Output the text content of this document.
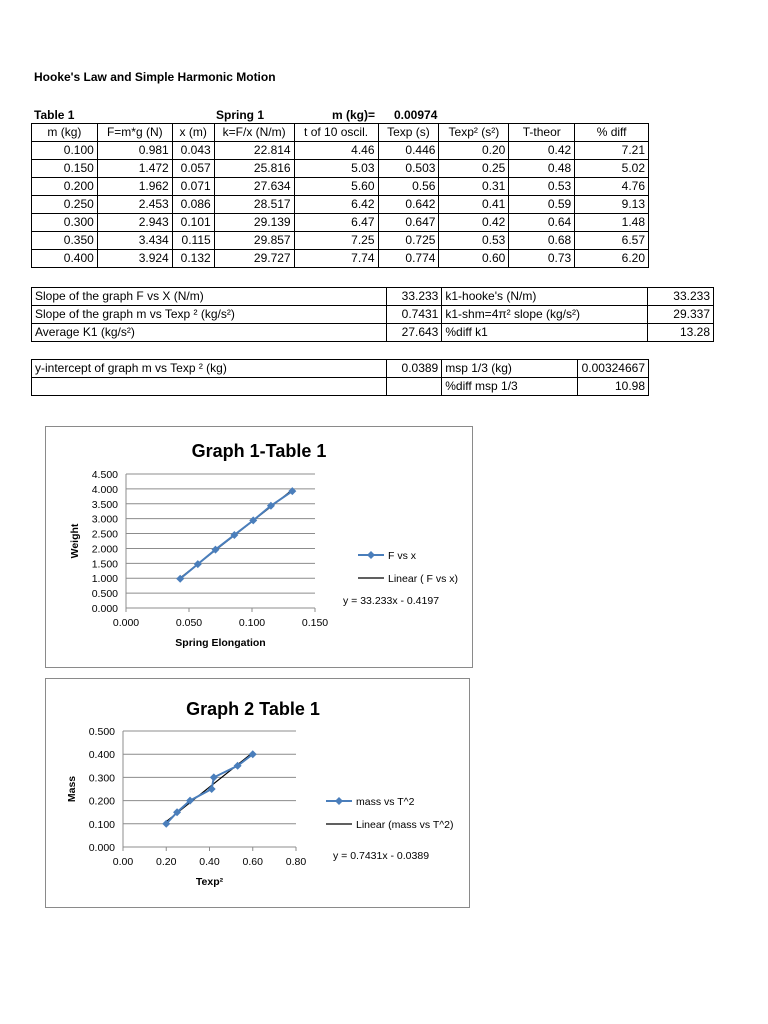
Hooke's Law and Simple Harmonic Motion
Table 1	Spring 1	m (kg)= 0.00974
m (kg)	F=m*g (N)	x (m)	k=F/x (N/m)	t of 10 oscil.	Texp (s)	Texp² (s²)	T-theor	% diff
0.100	0.981	0.043	22.814	4.46	0.446	0.20	0.42	7.21
0.150	1.472	0.057	25.816	5.03	0.503	0.25	0.48	5.02
0.200	1.962	0.071	27.634	5.60	0.56	0.31	0.53	4.76
0.250	2.453	0.086	28.517	6.42	0.642	0.41	0.59	9.13
0.300	2.943	0.101	29.139	6.47	0.647	0.42	0.64	1.48
0.350	3.434	0.115	29.857	7.25	0.725	0.53	0.68	6.57
0.400	3.924	0.132	29.727	7.74	0.774	0.60	0.73	6.20
Slope of the graph F vs X (N/m)	33.233	k1-hooke's (N/m)	33.233
Slope of the graph m vs Texp ² (kg/s²)	0.7431	k1-shm=4π² slope (kg/s²)	29.337
Average K1 (kg/s²)	27.643	%diff k1	13.28
y-intercept of graph m vs Texp ² (kg)	0.0389	msp 1/3 (kg)	0.00324667
		%diff msp 1/3	10.98
Graph 1-Table 1
0.000
0.500
1.000
1.500
2.000
2.500
3.000
3.500
4.000
4.500
0.000	0.050	0.100	0.150
Spring Elongation
Weight	F vs x
Linear ( F vs x)
y = 33.233x - 0.4197
Graph 2 Table 1
0.000
0.100
0.200
0.300
0.400
0.500
0.00 0.20 0.40 0.60 0.80
Texp²
Mass	mass vs T^2
Linear (mass vs T^2)
y = 0.7431x - 0.0389
